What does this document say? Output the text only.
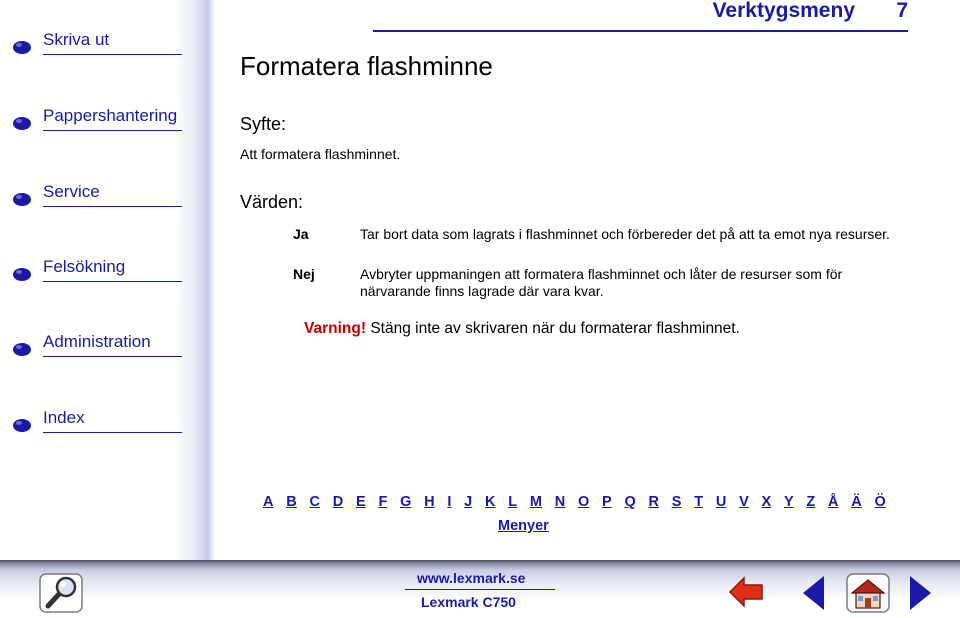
Skriva ut
Pappershantering
Service
Felsökning
Administration
Index
Verktygsmeny 7
Formatera flashminne
Syfte:
Att formatera flashminnet.
Värden:
Ja	Tar bort data som lagrats i flashminnet och förbereder det på att ta emot nya resurser.
Nej	Avbryter uppmaningen att formatera flashminnet och låter de resurser som för närvarande finns lagrade där vara kvar.
Varning! Stäng inte av skrivaren när du formaterar flashminnet.
A B C D E F G H I J K L M N O P Q R S T U V X Y Z Å Ä Ö
Menyer
www.lexmark.se
Lexmark C750
